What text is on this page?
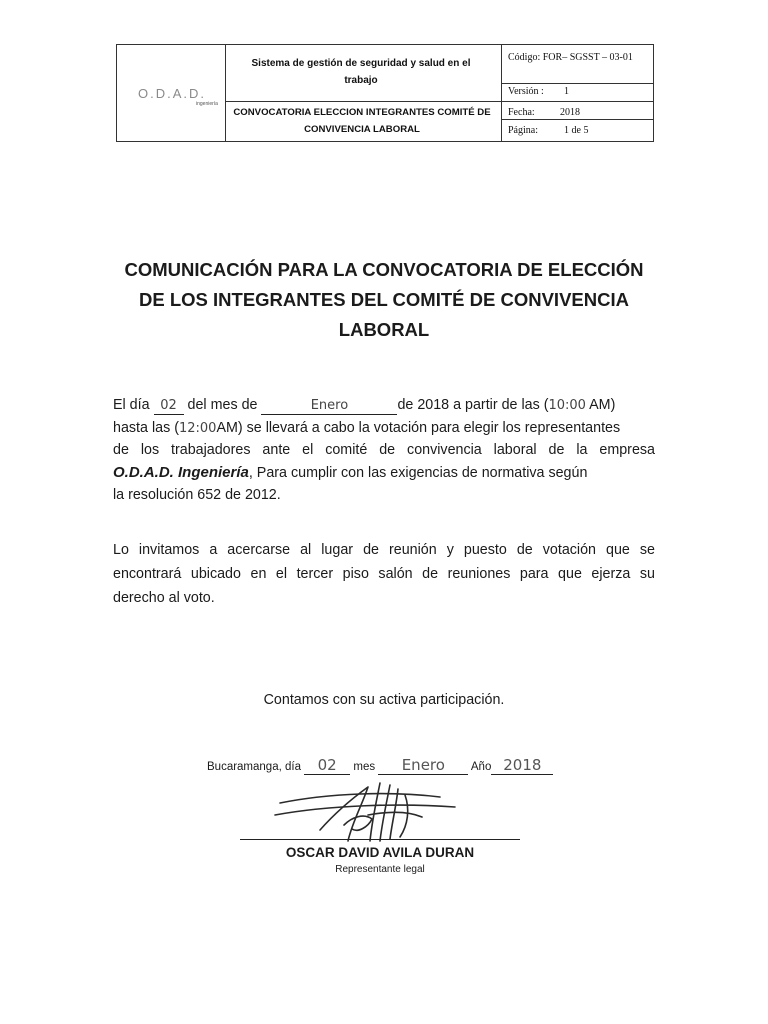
O.D.A.D.
ingeniería
Sistema de gestión de seguridad y salud en el trabajo
CONVOCATORIA ELECCION INTEGRANTES COMITÉ DE CONVIVENCIA LABORAL
Código: FOR– SGSST – 03-01
Versión : 1
Fecha:	2018
Página:	1 de 5
COMUNICACIÓN PARA LA CONVOCATORIA DE ELECCIÓN
DE LOS INTEGRANTES DEL COMITÉ DE CONVIVENCIA
LABORAL
El día 02 del mes de	Enero	de 2018 a partir de las (10:00 AM)
hasta las (12:00AM) se llevará a cabo la votación para elegir los representantes
de los trabajadores ante el comité de convivencia laboral de la empresa
O.D.A.D. Ingeniería, Para cumplir con las exigencias de normativa según
la resolución 652 de 2012.
Lo invitamos a acercarse al lugar de reunión y puesto de votación que se
encontrará ubicado en el tercer piso salón de reuniones para que ejerza su
derecho al voto.
Contamos con su activa participación.
Bucaramanga, día 02 mes Enero Año 2018
OSCAR DAVID AVILA DURAN
Representante legal
